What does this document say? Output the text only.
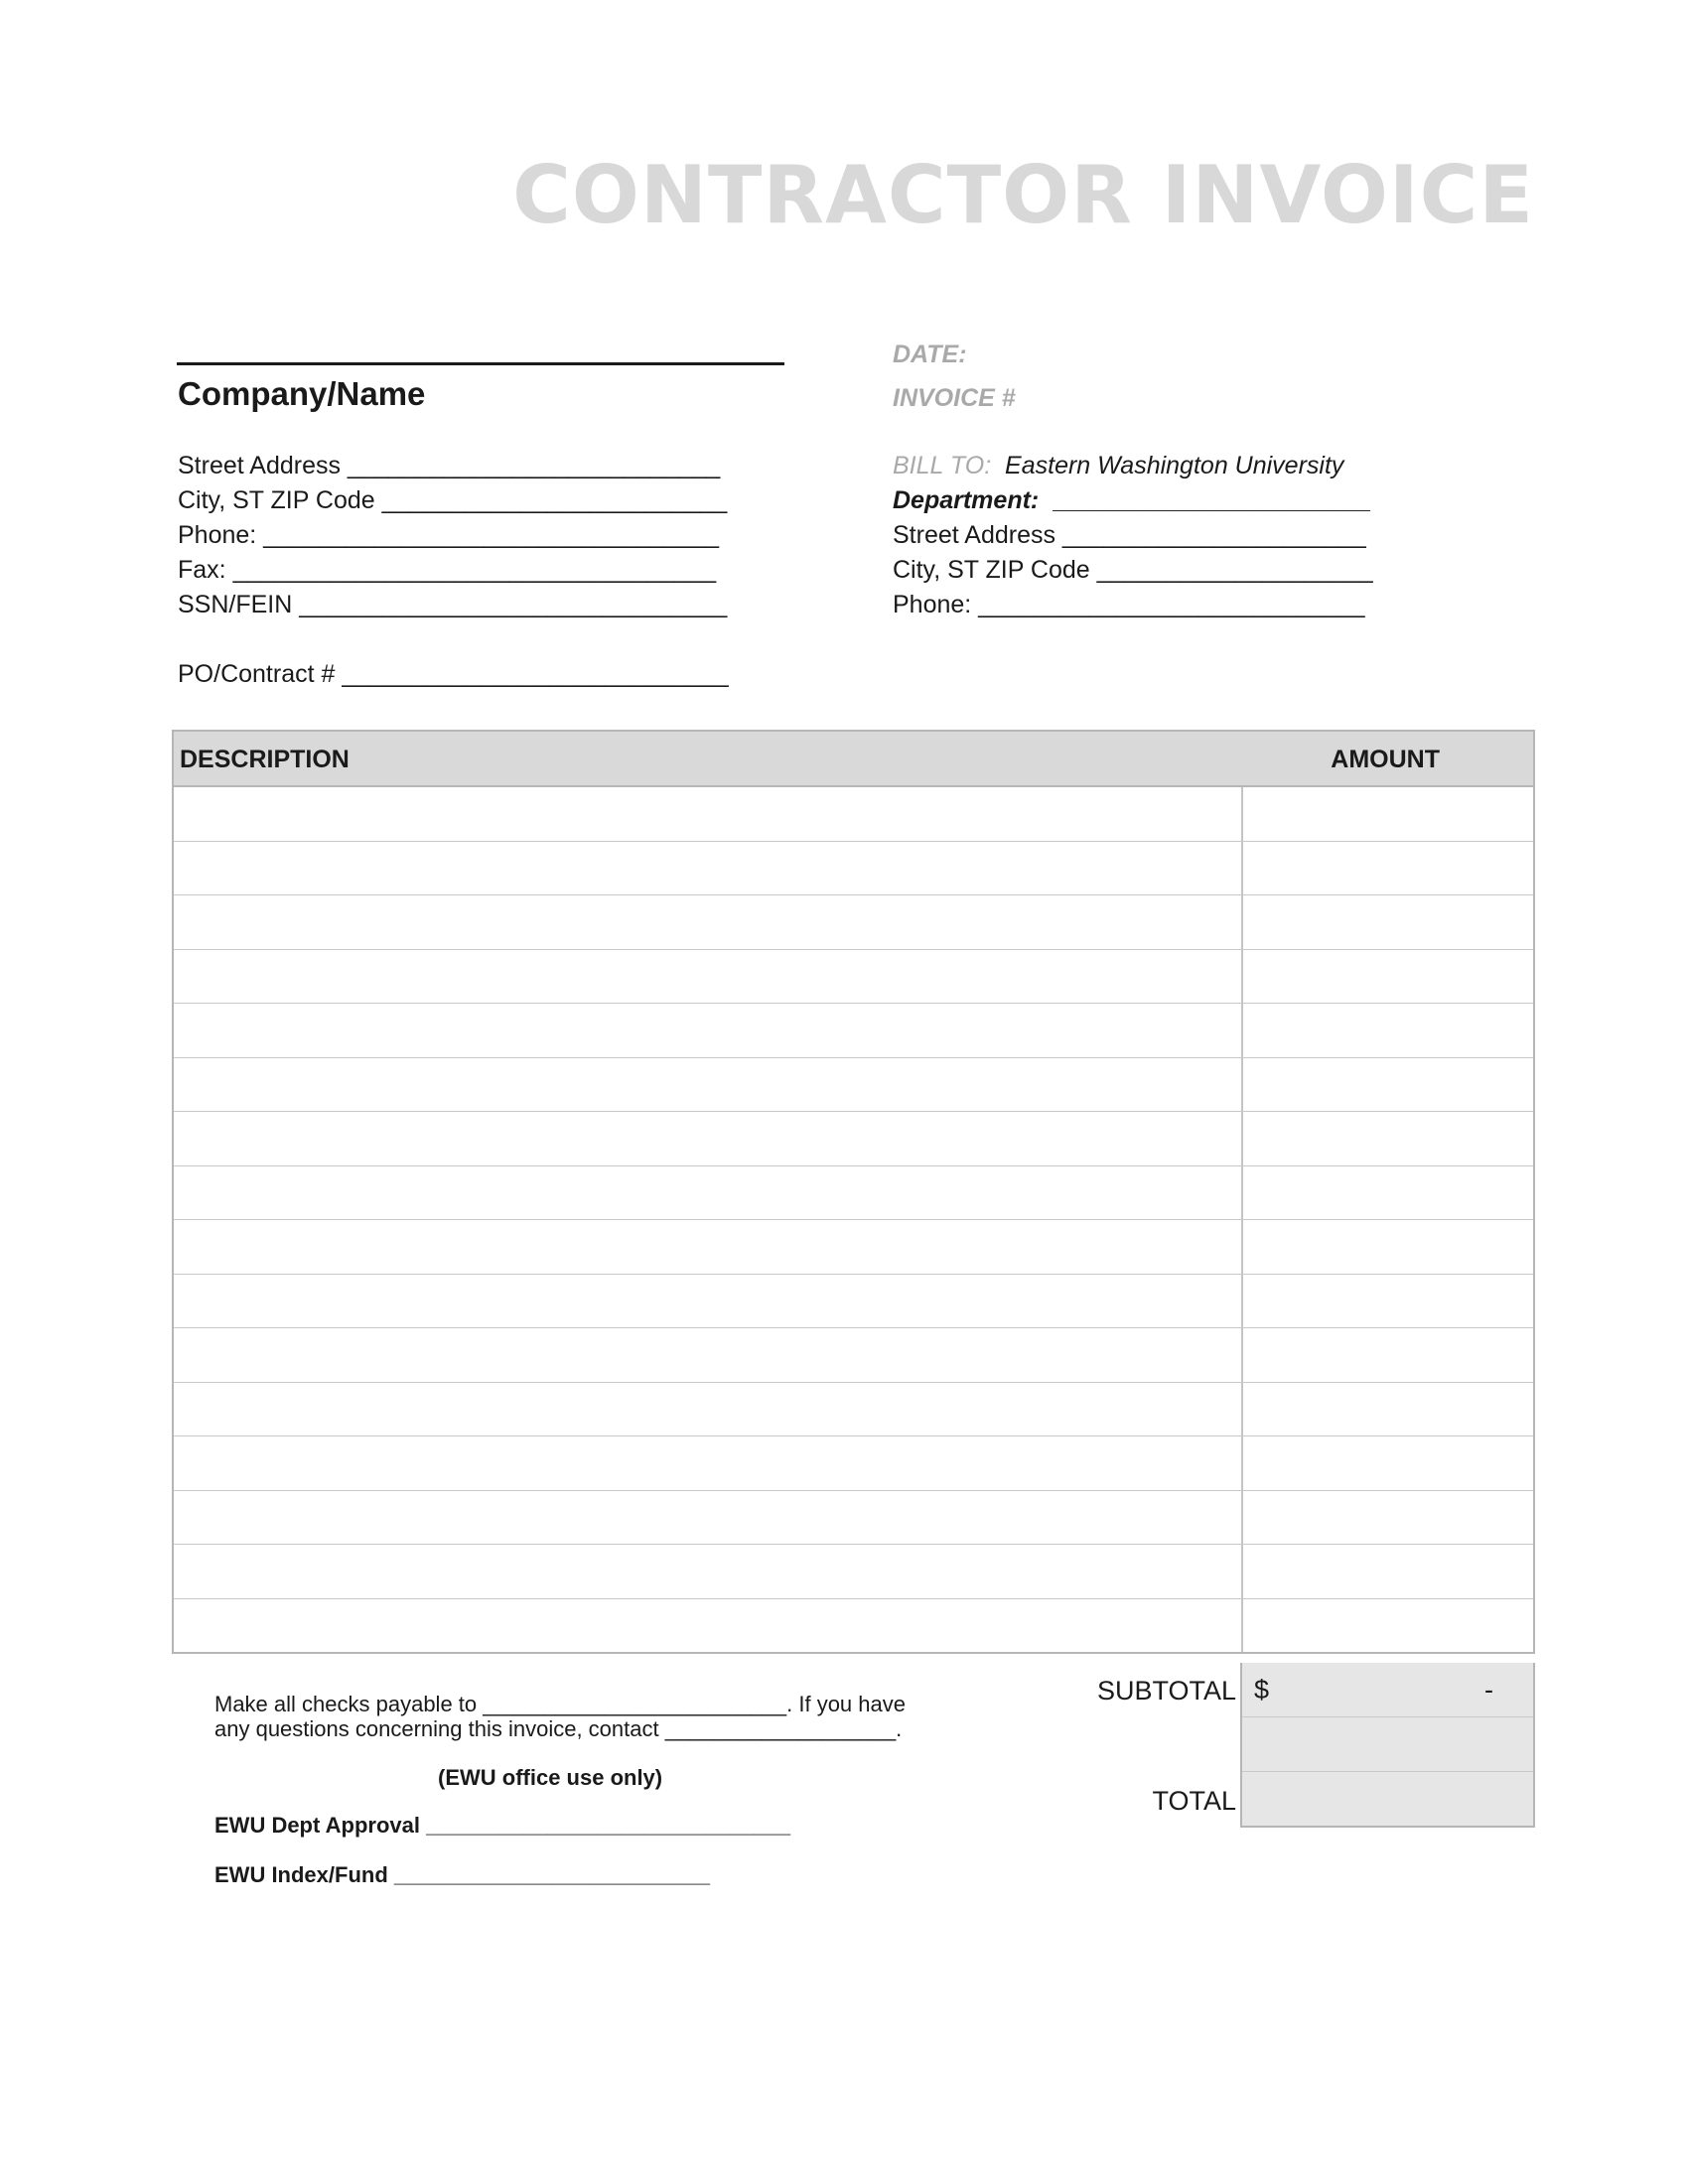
CONTRACTOR INVOICE
Company/Name
Street Address ___________________________
City, ST ZIP Code _________________________
Phone: _________________________________
Fax: ___________________________________
SSN/FEIN _______________________________
PO/Contract # ____________________________
DATE:
INVOICE #
BILL TO: Eastern Washington University
Department: _______________________
Street Address ______________________
City, ST ZIP Code ____________________
Phone: ____________________________
DESCRIPTION	AMOUNT
SUBTOTAL
TOTAL
$	-
Make all checks payable to _________________________. If you have
any questions concerning this invoice, contact ___________________.
(EWU office use only)
EWU Dept Approval ______________________________
EWU Index/Fund __________________________
